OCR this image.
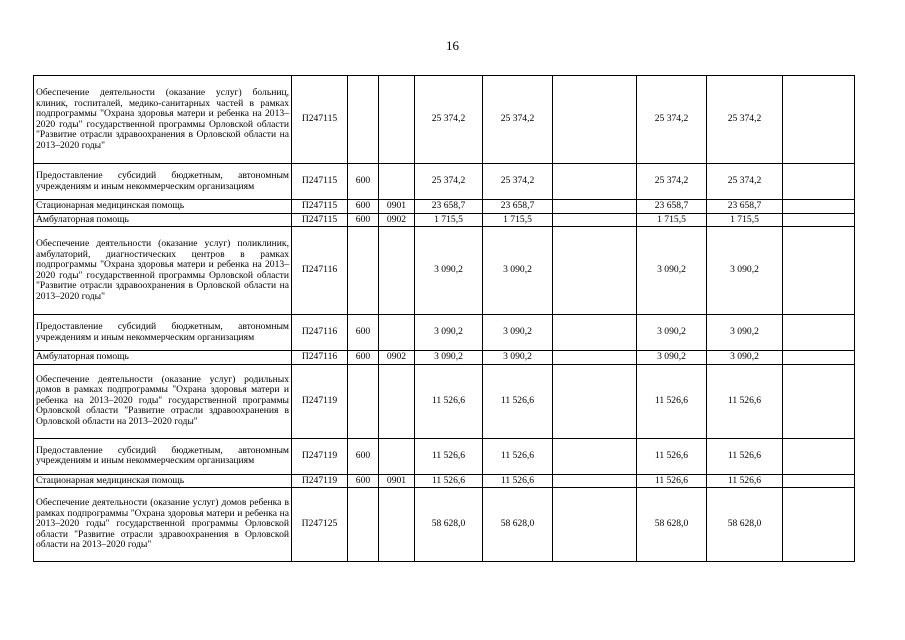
16
Обеспечение деятельности (оказание услуг) больниц, клиник, госпиталей, медико-санитарных частей в рамках подпрограммы "Охрана здоровья матери и ребенка на 2013–2020 годы" государственной программы Орловской области "Развитие отрасли здравоохранения в Орловской области на 2013–2020 годы"	П247115			25 374,2	25 374,2		25 374,2	25 374,2	
Предоставление субсидий бюджетным, автономным учреждениям и иным некоммерческим организациям	П247115	600		25 374,2	25 374,2		25 374,2	25 374,2	
Стационарная медицинская помощь	П247115	600	0901	23 658,7	23 658,7		23 658,7	23 658,7	
Амбулаторная помощь	П247115	600	0902	1 715,5	1 715,5		1 715,5	1 715,5	
Обеспечение деятельности (оказание услуг) поликлиник, амбулаторий, диагностических центров в рамках подпрограммы "Охрана здоровья матери и ребенка на 2013–2020 годы" государственной программы Орловской области "Развитие отрасли здравоохранения в Орловской области на 2013–2020 годы"	П247116			3 090,2	3 090,2		3 090,2	3 090,2	
Предоставление субсидий бюджетным, автономным учреждениям и иным некоммерческим организациям	П247116	600		3 090,2	3 090,2		3 090,2	3 090,2	
Амбулаторная помощь	П247116	600	0902	3 090,2	3 090,2		3 090,2	3 090,2	
Обеспечение деятельности (оказание услуг) родильных домов в рамках подпрограммы "Охрана здоровья матери и ребенка на 2013–2020 годы" государственной программы Орловской области "Развитие отрасли здравоохранения в Орловской области на 2013–2020 годы"	П247119			11 526,6	11 526,6		11 526,6	11 526,6	
Предоставление субсидий бюджетным, автономным учреждениям и иным некоммерческим организациям	П247119	600		11 526,6	11 526,6		11 526,6	11 526,6	
Стационарная медицинская помощь	П247119	600	0901	11 526,6	11 526,6		11 526,6	11 526,6	
Обеспечение деятельности (оказание услуг) домов ребенка в рамках подпрограммы "Охрана здоровья матери и ребенка на 2013–2020 годы" государственной программы Орловской области "Развитие отрасли здравоохранения в Орловской области на 2013–2020 годы"	П247125			58 628,0	58 628,0		58 628,0	58 628,0	
